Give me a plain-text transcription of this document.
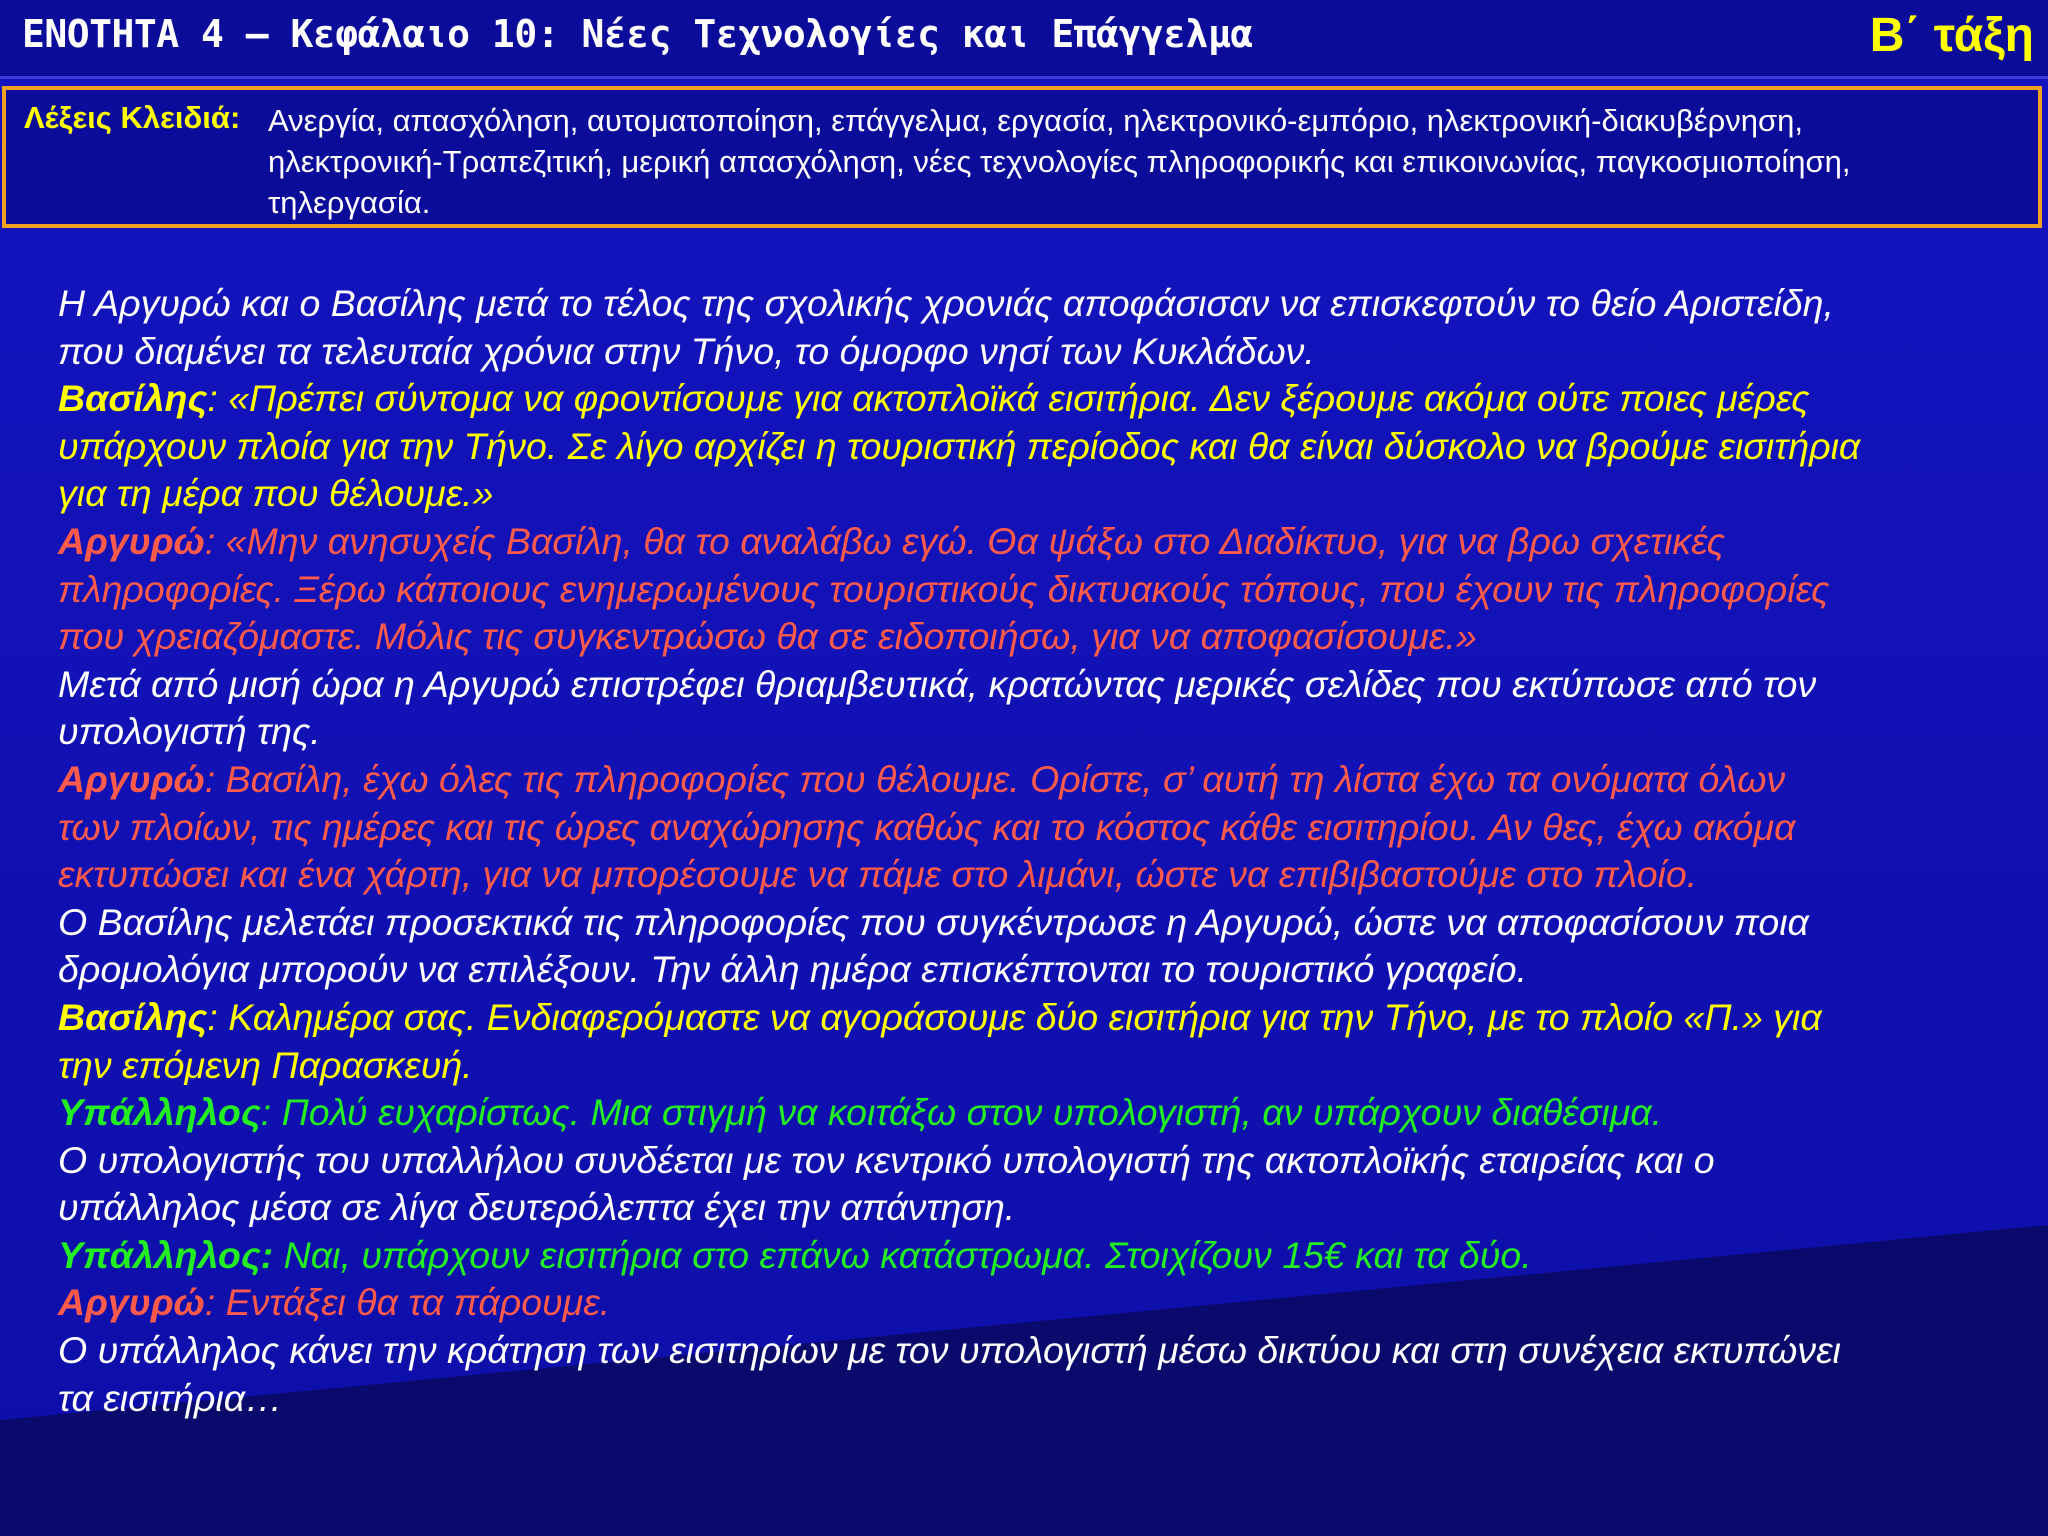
ΕΝΟΤΗΤΑ 4 – Κεφάλαιο 10: Νέες Τεχνολογίες και Επάγγελμα	Β΄ τάξη
Λέξεις Κλειδιά: Ανεργία, απασχόληση, αυτοματοποίηση, επάγγελμα, εργασία, ηλεκτρονικό-εμπόριο, ηλεκτρονική-διακυβέρνηση,
ηλεκτρονική-Τραπεζιτική, μερική απασχόληση, νέες τεχνολογίες πληροφορικής και επικοινωνίας, παγκοσμιοποίηση,
τηλεργασία.
Η Αργυρώ και ο Βασίλης μετά το τέλος της σχολικής χρονιάς αποφάσισαν να επισκεφτούν το θείο Αριστείδη,
που διαμένει τα τελευταία χρόνια στην Τήνο, το όμορφο νησί των Κυκλάδων.
Βασίλης: «Πρέπει σύντομα να φροντίσουμε για ακτοπλοϊκά εισιτήρια. Δεν ξέρουμε ακόμα ούτε ποιες μέρες
υπάρχουν πλοία για την Τήνο. Σε λίγο αρχίζει η τουριστική περίοδος και θα είναι δύσκολο να βρούμε εισιτήρια
για τη μέρα που θέλουμε.»
Αργυρώ: «Μην ανησυχείς Βασίλη, θα το αναλάβω εγώ. Θα ψάξω στο Διαδίκτυο, για να βρω σχετικές
πληροφορίες. Ξέρω κάποιους ενημερωμένους τουριστικούς δικτυακούς τόπους, που έχουν τις πληροφορίες
που χρειαζόμαστε. Μόλις τις συγκεντρώσω θα σε ειδοποιήσω, για να αποφασίσουμε.»
Μετά από μισή ώρα η Αργυρώ επιστρέφει θριαμβευτικά, κρατώντας μερικές σελίδες που εκτύπωσε από τον
υπολογιστή της.
Αργυρώ: Βασίλη, έχω όλες τις πληροφορίες που θέλουμε. Ορίστε, σ’ αυτή τη λίστα έχω τα ονόματα όλων
των πλοίων, τις ημέρες και τις ώρες αναχώρησης καθώς και το κόστος κάθε εισιτηρίου. Αν θες, έχω ακόμα
εκτυπώσει και ένα χάρτη, για να μπορέσουμε να πάμε στο λιμάνι, ώστε να επιβιβαστούμε στο πλοίο.
Ο Βασίλης μελετάει προσεκτικά τις πληροφορίες που συγκέντρωσε η Αργυρώ, ώστε να αποφασίσουν ποια
δρομολόγια μπορούν να επιλέξουν. Την άλλη ημέρα επισκέπτονται το τουριστικό γραφείο.
Βασίλης: Καλημέρα σας. Ενδιαφερόμαστε να αγοράσουμε δύο εισιτήρια για την Τήνο, με το πλοίο «Π.» για
την επόμενη Παρασκευή.
Υπάλληλος: Πολύ ευχαρίστως. Μια στιγμή να κοιτάξω στον υπολογιστή, αν υπάρχουν διαθέσιμα.
Ο υπολογιστής του υπαλλήλου συνδέεται με τον κεντρικό υπολογιστή της ακτοπλοϊκής εταιρείας και ο
υπάλληλος μέσα σε λίγα δευτερόλεπτα έχει την απάντηση.
Υπάλληλος: Ναι, υπάρχουν εισιτήρια στο επάνω κατάστρωμα. Στοιχίζουν 15€ και τα δύο.
Αργυρώ: Εντάξει θα τα πάρουμε.
Ο υπάλληλος κάνει την κράτηση των εισιτηρίων με τον υπολογιστή μέσω δικτύου και στη συνέχεια εκτυπώνει
τα εισιτήρια…
